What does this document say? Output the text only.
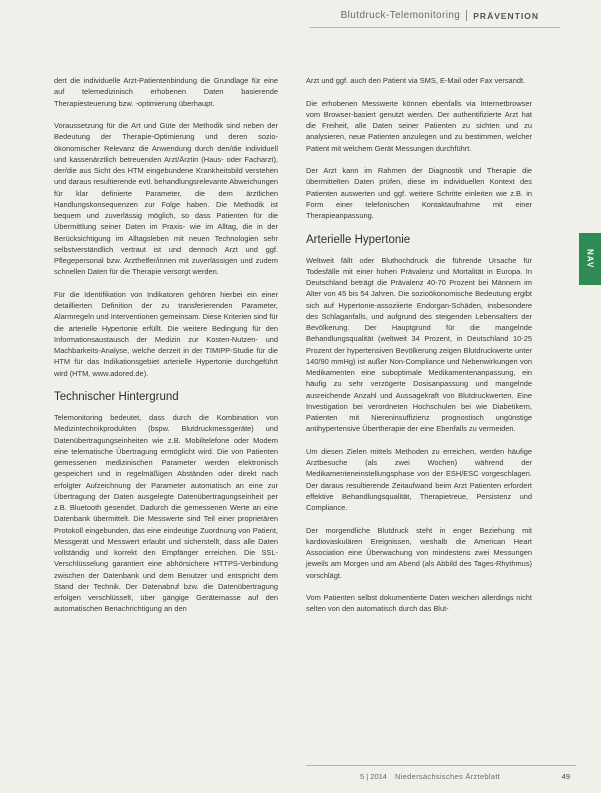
Blutdruck-Telemonitoring PRÄVENTION

dert die individuelle Arzt-Patientenbindung die Grundlage für eine auf telemedizinisch erhobenen Daten basierende Therapiesteuerung bzw. -optimierung überhaupt.

Voraussetzung für die Art und Güte der Methodik sind neben der Bedeutung der Therapie-Optimierung und deren sozio-ökonomischer Relevanz die Anwendung durch den/die individuell und kassenärztlich betreuenden Arzt/Ärztin (Haus- oder Facharzt), der/die aus Sicht des HTM eingebundene Krankheitsbild verstehen und daraus resultierende evtl. behandlungsrelevante Abweichungen für klar definierte Parameter, die dem ärztlichen Handlungskonsequenzen zur Folge haben. Die Methodik ist bequem und zuverlässig möglich, so dass Patienten für die Übermittlung seiner Daten im Praxis- wie im Alltag, die in der Berücksichtigung im Alltagsleben mit neuen Technologien sehr selbstverständlich vertraut ist und dennoch Arzt und ggf. Pflegepersonal bzw. Arzthelfer/innen mit zuverlässigen und zudem schnellen Daten für die Therapie versorgt werden.

Für die Identifikation von Indikatoren gehören hierbei ein einer detaillierten Definition der zu transferierenden Parameter, Alarmregeln und Interventionen gemeinsam. Diese Kriterien sind für die arterielle Hypertonie erfüllt. Die weitere Bedingung für den Informationsaustausch der Medizin zur Kosten-Nutzen- und Machbarkeits-Analyse, welche derzeit in der TIMIPP-Studie für die HTM für das Indikationsgebiet arterielle Hypertonie durchgeführt wird (HTM, www.adored.de).

Technischer Hintergrund

Telemonitoring bedeutet, dass durch die Kombination von Medizintechnikprodukten (bspw. Blutdruckmessgeräte) und Datenübertragungseinheiten wie z.B. Mobiltelefone oder Modem eine telematische Übertragung ermöglicht wird. Die von Patienten gemessenen medizinischen Parameter werden elektronisch gespeichert und in regelmäßigen Abständen oder direkt nach erfolgter Aufzeichnung der Parameter automatisch an eine zur Übertragung der Daten ausgelegte Datenübertragungseinheit per z.B. Bluetooth gesendet. Dadurch die gemessenen Werte an eine Datenbank übermittelt. Die Messwerte sind Teil einer proprietären Protokoll eingebunden, das eine eindeutige Zuordnung von Patient, Messgerät und Messwert erlaubt und sicherstellt, dass alle Daten vollständig und korrekt den Empfänger erreichen. Die SSL-Verschlüsselung garantiert eine abhörsichere HTTPS-Verbindung zwischen der Datenbank und dem Benutzer und entspricht dem Stand der Technik. Der Datenabruf bzw. die Datenübertragung erfolgen verschlüsselt, über gängige Gerätemasse auf den automatischen Benachrichtigung an den

Arzt und ggf. auch den Patient via SMS, E-Mail oder Fax versandt.

Die erhobenen Messwerte können ebenfalls via Internetbrowser vom Browser-basiert genutzt werden. Der authentifizierte Arzt hat die Freiheit, alle Daten seiner Patienten zu sichten und zu analysieren, neue Patienten anzulegen und zu bestimmen, welcher Patient mit welchem Gerät Messungen durchführt.

Der Arzt kann im Rahmen der Diagnostik und Therapie die übermittelten Daten prüfen, diese im individuellen Kontext des Patienten auswerten und ggf. weitere Schritte einleiten wie z.B. in Form einer telefonischen Kontaktaufnahme mit einer Therapieanpassung.

Arterielle Hypertonie

Weltweit fällt oder Bluthochdruck die führende Ursache für Todesfälle mit einer hohen Prävalenz und Mortalität in Europa. In Deutschland beträgt die Prävalenz 40-70 Prozent bei Männern im Alter von 45 bis 54 Jahren. Die sozioökonomische Bedeutung ergibt sich auf Hypertonie-assoziierte Endorgan-Schäden, insbesondere des Schlaganfalls, und aufgrund des steigenden Lebensalters der Bevölkerung. Der Hauptgrund für die mangelnde Behandlungsqualität (weltweit 34 Prozent, in Deutschland 10-25 Prozent der hypertensiven Bevölkerung zeigen Blutdruckwerte unter 140/90 mmHg) ist außer Non-Compliance und Nebenwirkungen von Medikamenten eine suboptimale Medikamentenanpassung, ein häufig zu sehr verzögerte Dosisanpassung und mangelnde ausreichende Anzahl und Aussagekraft von Blutdruckwerten. Eine Investigation bei verordneten Hochschulen bei wie Diabetikern, Patienten mit Niereninsuffizienz prognostisch ungünstige antihypertensive Übertherapie der eine Ebenfalls zu vermeiden.

Um diesen Zielen mittels Methoden zu erreichen, werden häufige Arztbesuche (als zwei Wochen) während der Medikamenteneinstellungsphase von der ESH/ESC vorgeschlagen. Der daraus resultierende Zeitaufwand beim Arzt Patienten erfordert effektive Behandlungsqualität, Therapietreue, Persistenz und Compliance.

Der morgendliche Blutdruck steht in enger Beziehung mit kardiovaskulären Ereignissen, weshalb die American Heart Association eine Überwachung von mindestens zwei Messungen jeweils am Morgen und am Abend (als Abbild des Tages-Rhythmus) vorschlägt.

Vom Patienten selbst dokumentierte Daten weichen allerdings nicht selten von den automatisch durch das Blut-

NAV
5 | 2014 Niedersächsisches Ärzteblatt	49
